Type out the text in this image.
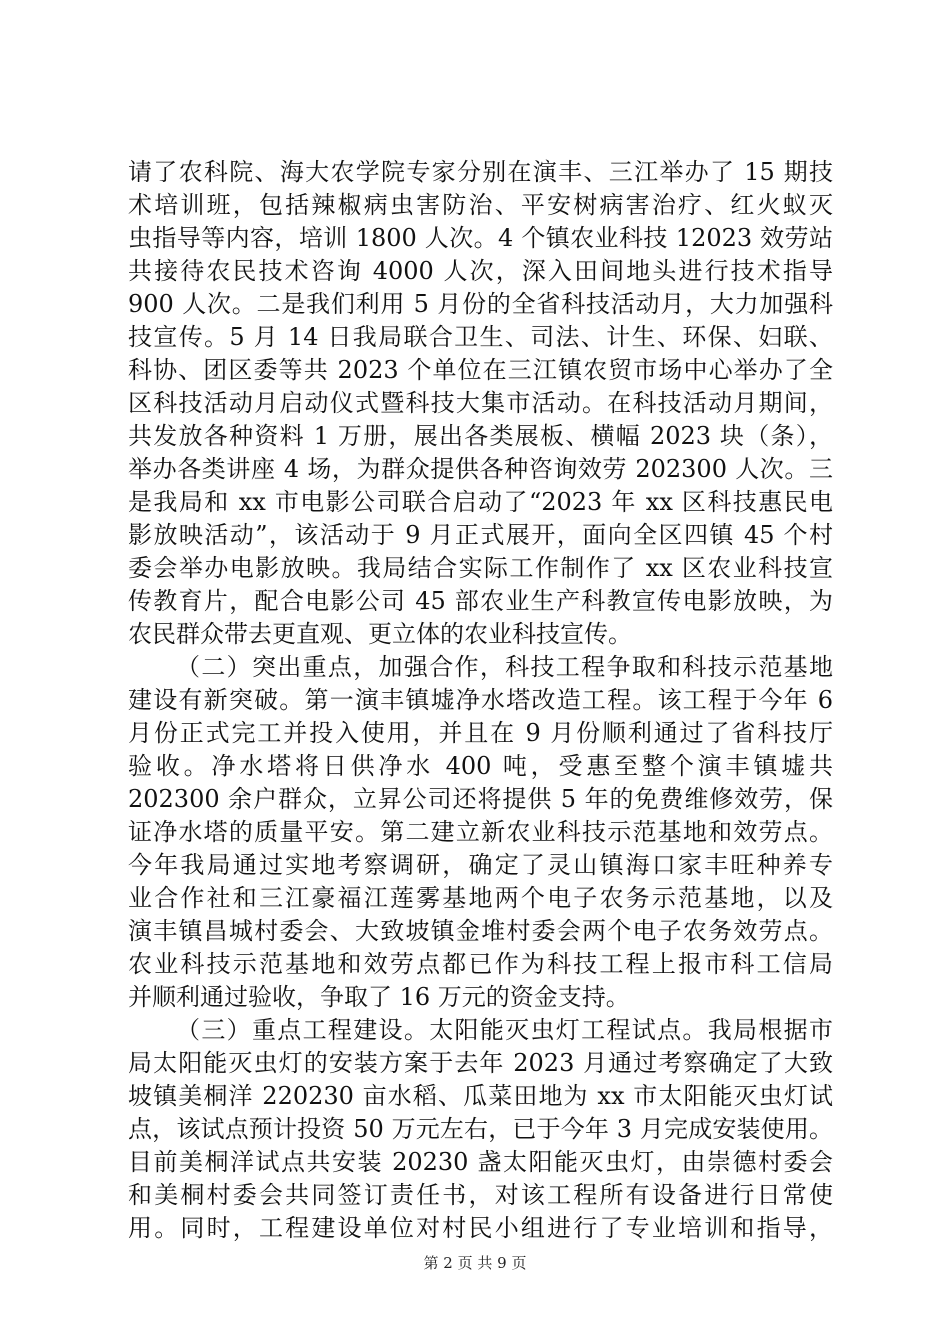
请了农科院、海大农学院专家分别在演丰、三江举办了 15 期技
术培训班，包括辣椒病虫害防治、平安树病害治疗、红火蚁灭
虫指导等内容，培训 1800 人次。4 个镇农业科技 12023 效劳站
共接待农民技术咨询 4000 人次，深入田间地头进行技术指导
900 人次。二是我们利用 5 月份的全省科技活动月，大力加强科
技宣传。5 月 14 日我局联合卫生、司法、计生、环保、妇联、
科协、团区委等共 2023 个单位在三江镇农贸市场中心举办了全
区科技活动月启动仪式暨科技大集市活动。在科技活动月期间，
共发放各种资料 1 万册，展出各类展板、横幅 2023 块（条），
举办各类讲座 4 场，为群众提供各种咨询效劳 202300 人次。三
是我局和 xx 市电影公司联合启动了“2023 年 xx 区科技惠民电
影放映活动”，该活动于 9 月正式展开，面向全区四镇 45 个村
委会举办电影放映。我局结合实际工作制作了 xx 区农业科技宣
传教育片，配合电影公司 45 部农业生产科教宣传电影放映，为
农民群众带去更直观、更立体的农业科技宣传。
（二）突出重点，加强合作，科技工程争取和科技示范基地
建设有新突破。第一演丰镇墟净水塔改造工程。该工程于今年 6
月份正式完工并投入使用，并且在 9 月份顺利通过了省科技厅
验收。净水塔将日供净水 400 吨，受惠至整个演丰镇墟共
202300 余户群众，立昇公司还将提供 5 年的免费维修效劳，保
证净水塔的质量平安。第二建立新农业科技示范基地和效劳点。
今年我局通过实地考察调研，确定了灵山镇海口家丰旺种养专
业合作社和三江豪福江莲雾基地两个电子农务示范基地，以及
演丰镇昌城村委会、大致坡镇金堆村委会两个电子农务效劳点。
农业科技示范基地和效劳点都已作为科技工程上报市科工信局
并顺利通过验收，争取了 16 万元的资金支持。
（三）重点工程建设。太阳能灭虫灯工程试点。我局根据市
局太阳能灭虫灯的安装方案于去年 2023 月通过考察确定了大致
坡镇美桐洋 220230 亩水稻、瓜菜田地为 xx 市太阳能灭虫灯试
点，该试点预计投资 50 万元左右，已于今年 3 月完成安装使用。
目前美桐洋试点共安装 20230 盏太阳能灭虫灯，由崇德村委会
和美桐村委会共同签订责任书，对该工程所有设备进行日常使
用。同时，工程建设单位对村民小组进行了专业培训和指导，
第 2 页 共 9 页
